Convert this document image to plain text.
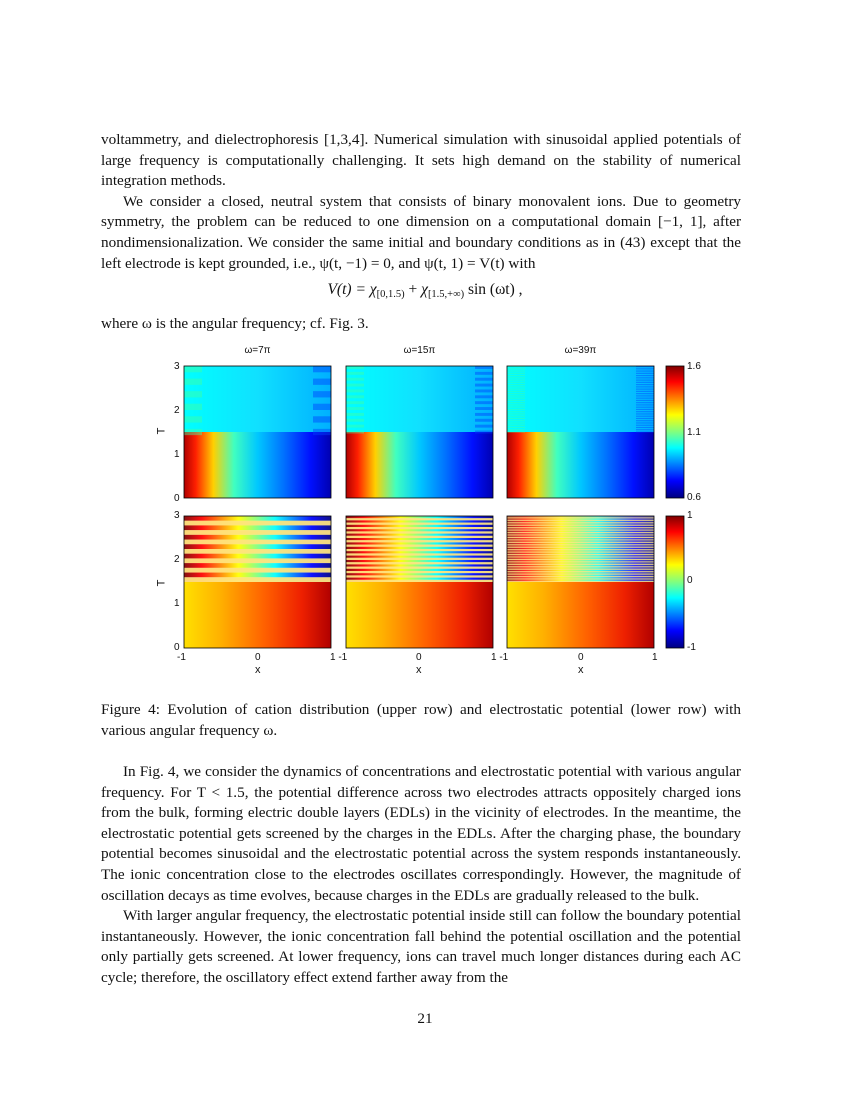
voltammetry, and dielectrophoresis [1,3,4]. Numerical simulation with sinusoidal applied potentials of large frequency is computationally challenging. It sets high demand on the stability of numerical integration methods.

We consider a closed, neutral system that consists of binary monovalent ions. Due to geometry symmetry, the problem can be reduced to one dimension on a computational domain [−1, 1], after nondimensionalization. We consider the same initial and boundary conditions as in (43) except that the left electrode is kept grounded, i.e., ψ(t, −1) = 0, and ψ(t, 1) = V(t) with

$V(t) = \chi_{[0,1.5)} + \chi_{[1.5,+\infty)}$ sin (ωt) ,

where ω is the angular frequency; cf. Fig. 3.

ω=7π	ω=15π	ω=39π
T
T
3
2
1
0
3
2
1
0
-1	0	1 -1	0	1 -1	0	1
x	x	x
1.6
1.1
0.6
1
0
-1

Figure 4: Evolution of cation distribution (upper row) and electrostatic potential (lower row) with various angular frequency ω.

In Fig. 4, we consider the dynamics of concentrations and electrostatic potential with various angular frequency. For T < 1.5, the potential difference across two electrodes attracts oppositely charged ions from the bulk, forming electric double layers (EDLs) in the vicinity of electrodes. In the meantime, the electrostatic potential gets screened by the charges in the EDLs. After the charging phase, the boundary potential becomes sinusoidal and the electrostatic potential across the system responds instantaneously. The ionic concentration close to the electrodes oscillates correspondingly. However, the magnitude of oscillation decays as time evolves, because charges in the EDLs are gradually released to the bulk.

With larger angular frequency, the electrostatic potential inside still can follow the boundary potential instantaneously. However, the ionic concentration fall behind the potential oscillation and the potential only partially gets screened. At lower frequency, ions can travel much longer distances during each AC cycle; therefore, the oscillatory effect extend farther away from the

21
